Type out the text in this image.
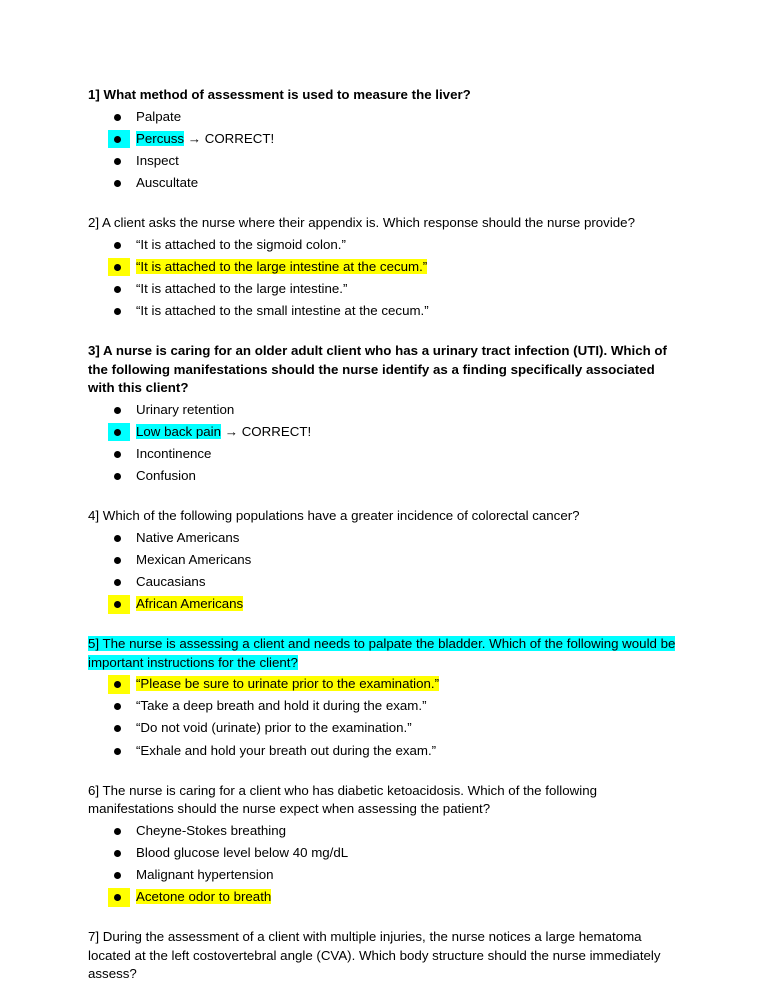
1] What method of assessment is used to measure the liver?

Palpate
Percuss → CORRECT!
Inspect
Auscultate

2] A client asks the nurse where their appendix is. Which response should the nurse provide?

“It is attached to the sigmoid colon.”
“It is attached to the large intestine at the cecum.”
“It is attached to the large intestine.”
“It is attached to the small intestine at the cecum.”

3] A nurse is caring for an older adult client who has a urinary tract infection (UTI). Which of the following manifestations should the nurse identify as a finding specifically associated with this client?

Urinary retention
Low back pain → CORRECT!
Incontinence
Confusion

4] Which of the following populations have a greater incidence of colorectal cancer?

Native Americans
Mexican Americans
Caucasians
African Americans

5] The nurse is assessing a client and needs to palpate the bladder. Which of the following would be important instructions for the client?

“Please be sure to urinate prior to the examination.”
“Take a deep breath and hold it during the exam.”
“Do not void (urinate) prior to the examination.”
“Exhale and hold your breath out during the exam.”

6] The nurse is caring for a client who has diabetic ketoacidosis. Which of the following manifestations should the nurse expect when assessing the patient?

Cheyne-Stokes breathing
Blood glucose level below 40 mg/dL
Malignant hypertension
Acetone odor to breath

7] During the assessment of a client with multiple injuries, the nurse notices a large hematoma located at the left costovertebral angle (CVA). Which body structure should the nurse immediately assess?
